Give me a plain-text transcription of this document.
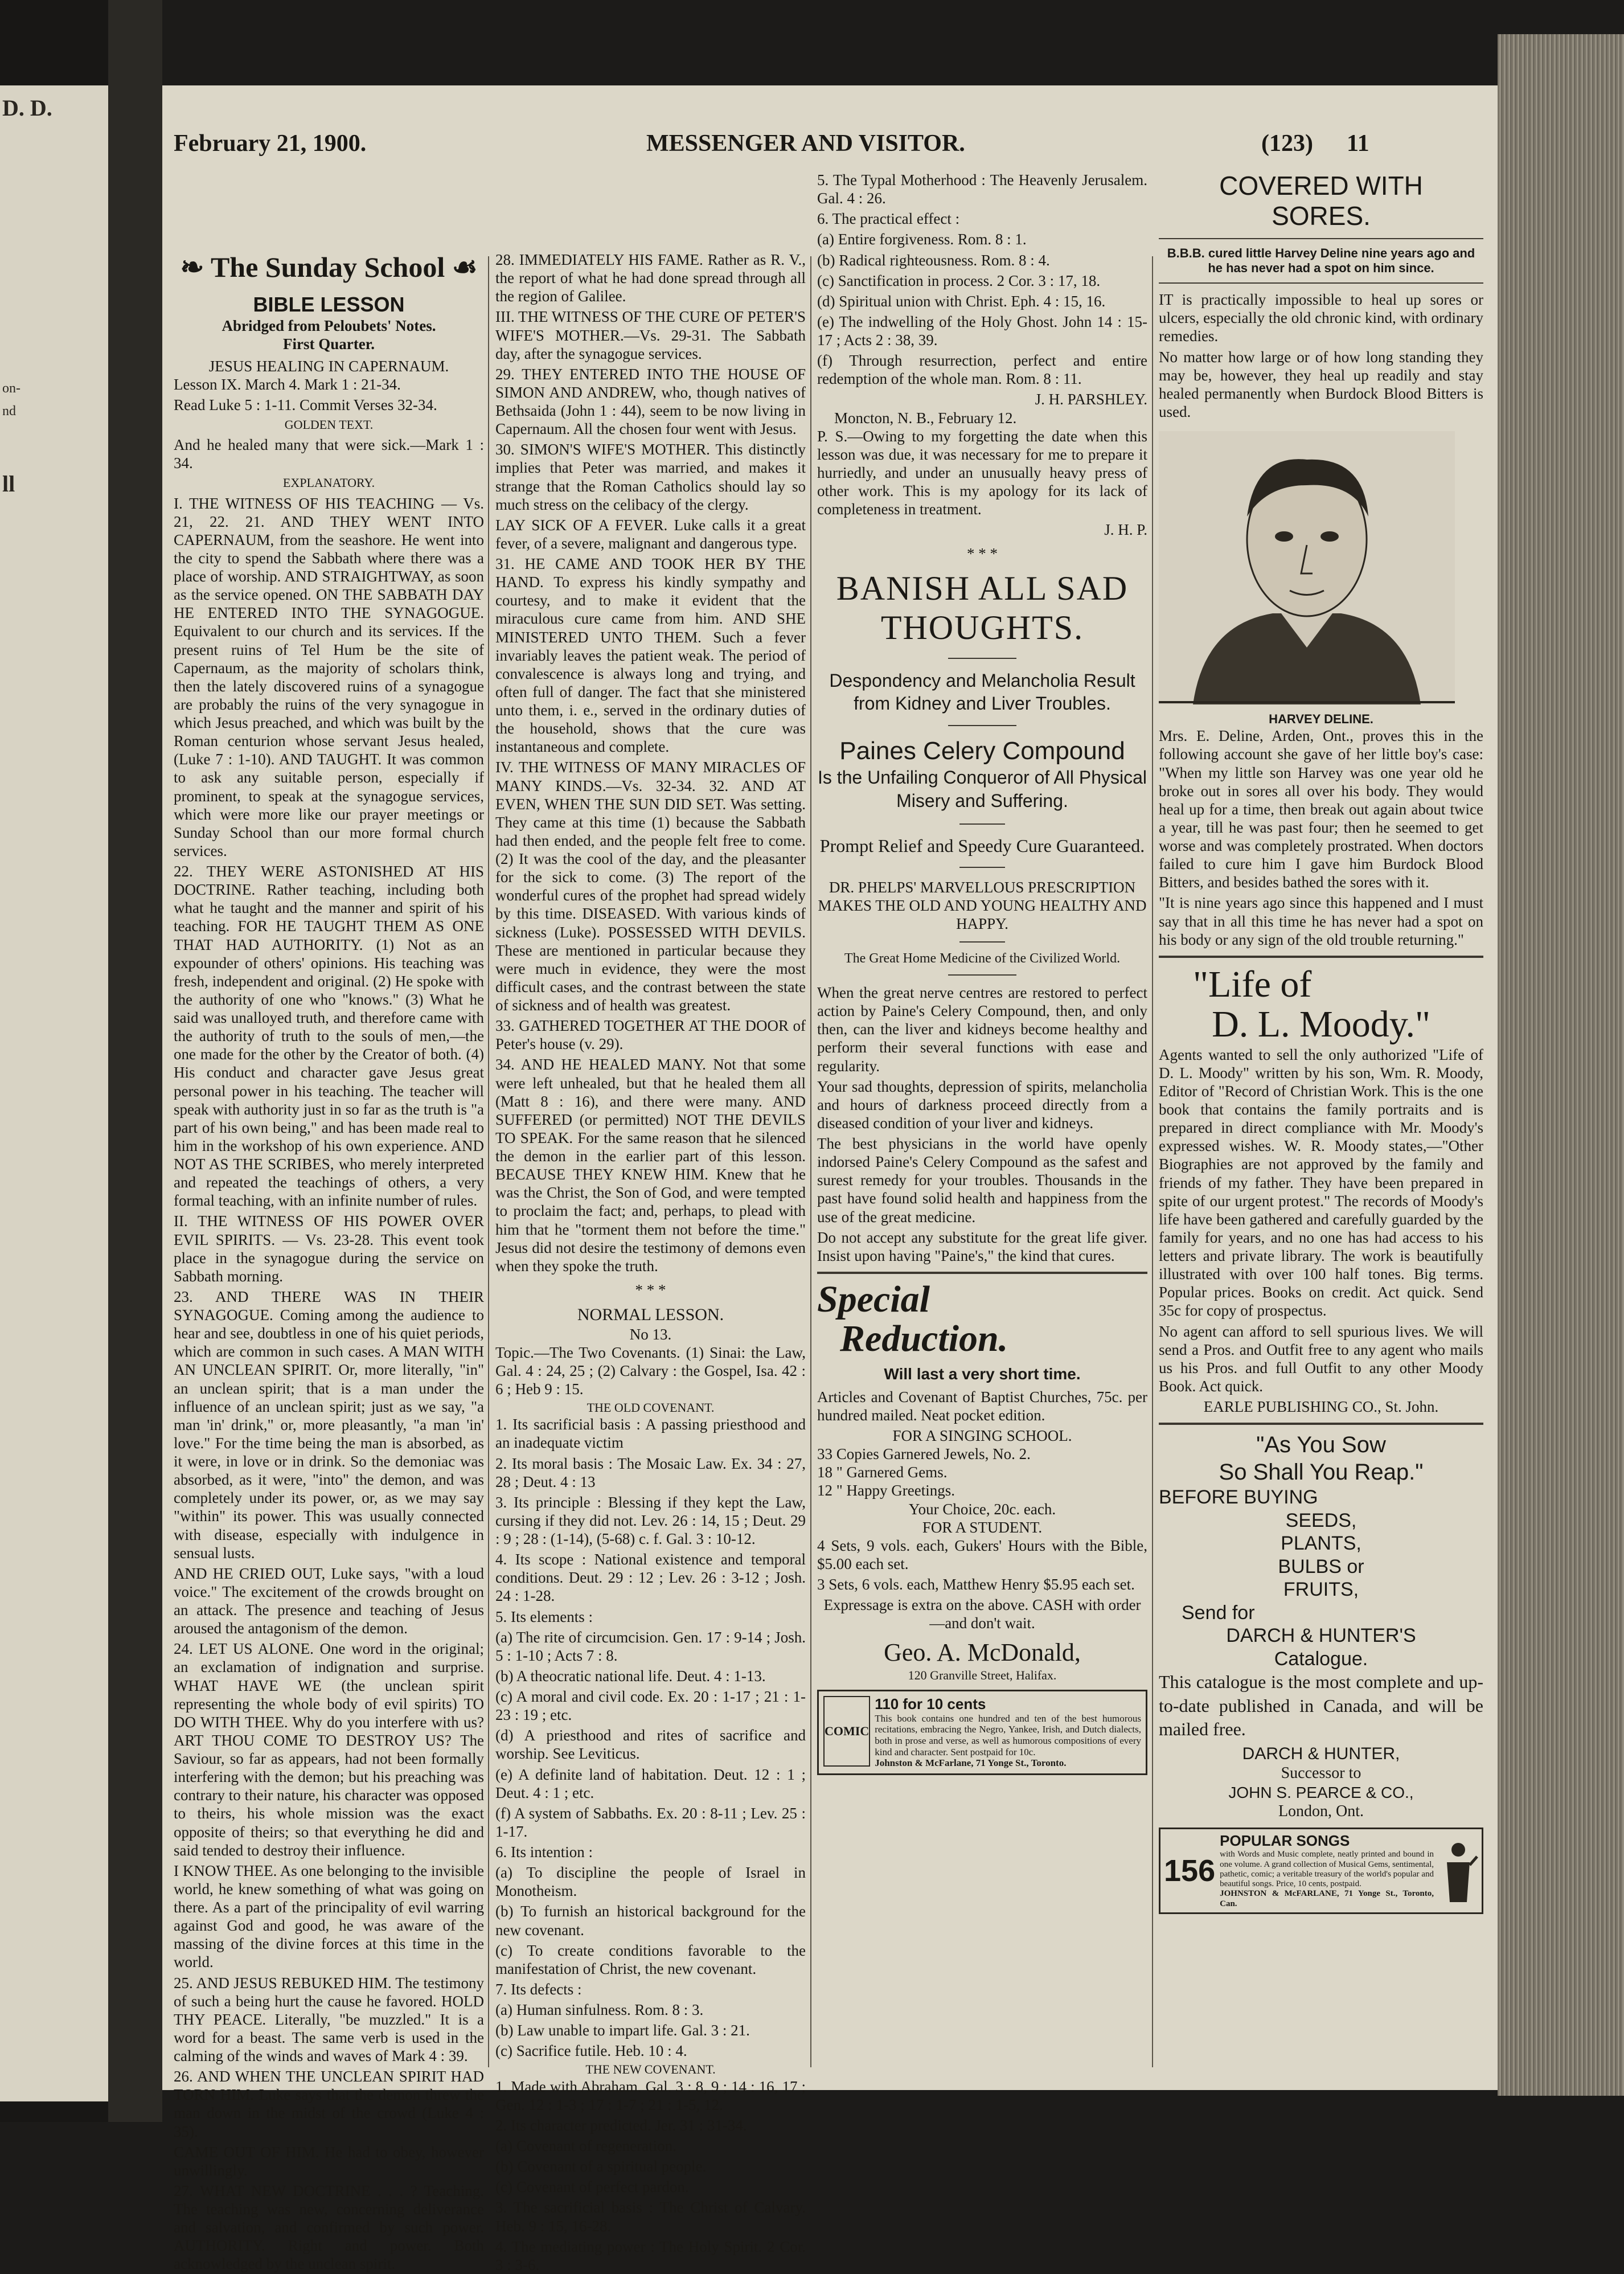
D. D.
on-
nd
ll
February 21, 1900.	MESSENGER AND VISITOR.	(123) 11
❧ The Sunday School ☙
BIBLE LESSON
Abridged from Peloubets' Notes.
First Quarter.
JESUS HEALING IN CAPERNAUM.

Lesson IX. March 4. Mark 1 : 21-34.

Read Luke 5 : 1-11. Commit Verses 32-34.

GOLDEN TEXT.

And he healed many that were sick.—Mark 1 : 34.

EXPLANATORY.

I. THE WITNESS OF HIS TEACHING — Vs. 21, 22. 21. AND THEY WENT INTO CAPERNAUM, from the seashore. He went into the city to spend the Sabbath where there was a place of worship. AND STRAIGHTWAY, as soon as the service opened. ON THE SABBATH DAY HE ENTERED INTO THE SYNAGOGUE. Equivalent to our church and its services. If the present ruins of Tel Hum be the site of Capernaum, as the majority of scholars think, then the lately discovered ruins of a synagogue are probably the ruins of the very synagogue in which Jesus preached, and which was built by the Roman centurion whose servant Jesus healed, (Luke 7 : 1-10). AND TAUGHT. It was common to ask any suitable person, especially if prominent, to speak at the synagogue services, which were more like our prayer meetings or Sunday School than our more formal church services.

22. THEY WERE ASTONISHED AT HIS DOCTRINE. Rather teaching, including both what he taught and the manner and spirit of his teaching. FOR HE TAUGHT THEM AS ONE THAT HAD AUTHORITY. (1) Not as an expounder of others' opinions. His teaching was fresh, independent and original. (2) He spoke with the authority of one who "knows." (3) What he said was unalloyed truth, and therefore came with the authority of truth to the souls of men,—the one made for the other by the Creator of both. (4) His conduct and character gave Jesus great personal power in his teaching. The teacher will speak with authority just in so far as the truth is "a part of his own being," and has been made real to him in the workshop of his own experience. AND NOT AS THE SCRIBES, who merely interpreted and repeated the teachings of others, a very formal teaching, with an infinite number of rules.

II. THE WITNESS OF HIS POWER OVER EVIL SPIRITS. — Vs. 23-28. This event took place in the synagogue during the service on Sabbath morning.

23. AND THERE WAS IN THEIR SYNAGOGUE. Coming among the audience to hear and see, doubtless in one of his quiet periods, which are common in such cases. A MAN WITH AN UNCLEAN SPIRIT. Or, more literally, "in" an unclean spirit; that is a man under the influence of an unclean spirit; just as we say, "a man 'in' drink," or, more pleasantly, "a man 'in' love." For the time being the man is absorbed, as it were, in love or in drink. So the demoniac was absorbed, as it were, "into" the demon, and was completely under its power, or, as we may say "within" its power. This was usually connected with disease, especially with indulgence in sensual lusts.

AND HE CRIED OUT, Luke says, "with a loud voice." The excitement of the crowds brought on an attack. The presence and teaching of Jesus aroused the antagonism of the demon.

24. LET US ALONE. One word in the original; an exclamation of indignation and surprise. WHAT HAVE WE (the unclean spirit representing the whole body of evil spirits) TO DO WITH THEE. Why do you interfere with us? ART THOU COME TO DESTROY US? The Saviour, so far as appears, had not been formally interfering with the demon; but his preaching was contrary to their nature, his character was opposed to theirs, his whole mission was the exact opposite of theirs; so that everything he did and said tended to destroy their influence.

I KNOW THEE. As one belonging to the invisible world, he knew something of what was going on there. As a part of the principality of evil warring against God and good, he was aware of the massing of the divine forces at this time in the world.

25. AND JESUS REBUKED HIM. The testimony of such a being hurt the cause he favored. HOLD THY PEACE. Literally, "be muzzled." It is a word for a beast. The same verb is used in the calming of the winds and waves of Mark 4 : 39.

26. AND WHEN THE UNCLEAN SPIRIT HAD TORN HIM. Luke says that the demon threw the man down in the midst of the crowd (Luke 4 : 35).

CAME OUT OF HIM. He had to obey, however unwillingly.

27. WHAT NEW DOCTRINE . . . ? Teaching. The teaching was new, concerning deliverance and salvation, and confirmed by such power. AUTHORITY. Right and power. Both acknowledged by the unclean spirit.

28. IMMEDIATELY HIS FAME. Rather as R. V., the report of what he had done spread through all the region of Galilee.

III. THE WITNESS OF THE CURE OF PETER'S WIFE'S MOTHER.—Vs. 29-31. The Sabbath day, after the synagogue services.

29. THEY ENTERED INTO THE HOUSE OF SIMON AND ANDREW, who, though natives of Bethsaida (John 1 : 44), seem to be now living in Capernaum. All the chosen four went with Jesus.

30. SIMON'S WIFE'S MOTHER. This distinctly implies that Peter was married, and makes it strange that the Roman Catholics should lay so much stress on the celibacy of the clergy.

LAY SICK OF A FEVER. Luke calls it a great fever, of a severe, malignant and dangerous type.

31. HE CAME AND TOOK HER BY THE HAND. To express his kindly sympathy and courtesy, and to make it evident that the miraculous cure came from him. AND SHE MINISTERED UNTO THEM. Such a fever invariably leaves the patient weak. The period of convalescence is always long and trying, and often full of danger. The fact that she ministered unto them, i. e., served in the ordinary duties of the household, shows that the cure was instantaneous and complete.

IV. THE WITNESS OF MANY MIRACLES OF MANY KINDS.—Vs. 32-34. 32. AND AT EVEN, WHEN THE SUN DID SET. Was setting. They came at this time (1) because the Sabbath had then ended, and the people felt free to come. (2) It was the cool of the day, and the pleasanter for the sick to come. (3) The report of the wonderful cures of the prophet had spread widely by this time. DISEASED. With various kinds of sickness (Luke). POSSESSED WITH DEVILS. These are mentioned in particular because they were much in evidence, they were the most difficult cases, and the contrast between the state of sickness and of health was greatest.

33. GATHERED TOGETHER AT THE DOOR of Peter's house (v. 29).

34. AND HE HEALED MANY. Not that some were left unhealed, but that he healed them all (Matt 8 : 16), and there were many. AND SUFFERED (or permitted) NOT THE DEVILS TO SPEAK. For the same reason that he silenced the demon in the earlier part of this lesson. BECAUSE THEY KNEW HIM. Knew that he was the Christ, the Son of God, and were tempted to proclaim the fact; and, perhaps, to plead with him that he "torment them not before the time." Jesus did not desire the testimony of demons even when they spoke the truth.

* * *
NORMAL LESSON.
No 13.

Topic.—The Two Covenants. (1) Sinai: the Law, Gal. 4 : 24, 25 ; (2) Calvary : the Gospel, Isa. 42 : 6 ; Heb 9 : 15.

THE OLD COVENANT.

1. Its sacrificial basis : A passing priesthood and an inadequate victim

2. Its moral basis : The Mosaic Law. Ex. 34 : 27, 28 ; Deut. 4 : 13

3. Its principle : Blessing if they kept the Law, cursing if they did not. Lev. 26 : 14, 15 ; Deut. 29 : 9 ; 28 : (1-14), (5-68) c. f. Gal. 3 : 10-12.

4. Its scope : National existence and temporal conditions. Deut. 29 : 12 ; Lev. 26 : 3-12 ; Josh. 24 : 1-28.

5. Its elements :

(a) The rite of circumcision. Gen. 17 : 9-14 ; Josh. 5 : 1-10 ; Acts 7 : 8.

(b) A theocratic national life. Deut. 4 : 1-13.

(c) A moral and civil code. Ex. 20 : 1-17 ; 21 : 1-23 : 19 ; etc.

(d) A priesthood and rites of sacrifice and worship. See Leviticus.

(e) A definite land of habitation. Deut. 12 : 1 ; Deut. 4 : 1 ; etc.

(f) A system of Sabbaths. Ex. 20 : 8-11 ; Lev. 25 : 1-17.

6. Its intention :

(a) To discipline the people of Israel in Monotheism.

(b) To furnish an historical background for the new covenant.

(c) To create conditions favorable to the manifestation of Christ, the new covenant.

7. Its defects :

(a) Human sinfulness. Rom. 8 : 3.

(b) Law unable to impart life. Gal. 3 : 21.

(c) Sacrifice futile. Heb. 10 : 4.

THE NEW COVENANT.

1. Made with Abraham. Gal. 3 : 8, 9 ; 14 : 16, 17 ; Gen. 12 : 1-3 ; 17 : 1-7 ; 21 : 1-5, 12.

2. Its character predicted. Jer. 31 : 31-34.

(a) Covenant of regeneration.

(b) Covenant of a spiritual people.

(c) Covenant of perfect pardon.

3. The sacrificial basis : The Christ of Calvary. Heb. 9 : 15, 16-28.

4. The mediating power : The Holy Spirit. 2 Cor. 3 : 3-6.

5. The Typal Motherhood : The Heavenly Jerusalem. Gal. 4 : 26.

6. The practical effect :

(a) Entire forgiveness. Rom. 8 : 1.

(b) Radical righteousness. Rom. 8 : 4.

(c) Sanctification in process. 2 Cor. 3 : 17, 18.

(d) Spiritual union with Christ. Eph. 4 : 15, 16.

(e) The indwelling of the Holy Ghost. John 14 : 15-17 ; Acts 2 : 38, 39.

(f) Through resurrection, perfect and entire redemption of the whole man. Rom. 8 : 11.

J. H. PARSHLEY.
Moncton, N. B., February 12.

P. S.—Owing to my forgetting the date when this lesson was due, it was necessary for me to prepare it hurriedly, and under an unusually heavy press of other work. This is my apology for its lack of completeness in treatment.

J. H. P.
* * *
BANISH ALL SAD THOUGHTS.
Despondency and Melancholia Result from Kidney and Liver Troubles.
Paines Celery Compound
Is the Unfailing Conqueror of All Physical Misery and Suffering.
Prompt Relief and Speedy Cure Guaranteed.
DR. PHELPS' MARVELLOUS PRESCRIPTION MAKES THE OLD AND YOUNG HEALTHY AND HAPPY.
The Great Home Medicine of the Civilized World.

When the great nerve centres are restored to perfect action by Paine's Celery Compound, then, and only then, can the liver and kidneys become healthy and perform their several functions with ease and regularity.

Your sad thoughts, depression of spirits, melancholia and hours of darkness proceed directly from a diseased condition of your liver and kidneys.

The best physicians in the world have openly indorsed Paine's Celery Compound as the safest and surest remedy for your troubles. Thousands in the past have found solid health and happiness from the use of the great medicine.

Do not accept any substitute for the great life giver. Insist upon having "Paine's," the kind that cures.

Special
Reduction.
Will last a very short time.

Articles and Covenant of Baptist Churches, 75c. per hundred mailed. Neat pocket edition.

FOR A SINGING SCHOOL.
33 Copies Garnered Jewels, No. 2.
18 " Garnered Gems.
12 " Happy Greetings.
Your Choice, 20c. each.
FOR A STUDENT.

4 Sets, 9 vols. each, Gukers' Hours with the Bible, $5.00 each set.

3 Sets, 6 vols. each, Matthew Henry $5.95 each set.

Expressage is extra on the above. CASH with order—and don't wait.
Geo. A. McDonald,
120 Granville Street, Halifax.
COMIC
110 for 10 cents
This book contains one hundred and ten of the best humorous recitations, embracing the Negro, Yankee, Irish, and Dutch dialects, both in prose and verse, as well as humorous compositions of every kind and character. Sent postpaid for 10c.
Johnston & McFarlane, 71 Yonge St., Toronto.
COVERED WITH
SORES.
B.B.B. cured little Harvey Deline nine years ago and he has never had a spot on him since.

IT is practically impossible to heal up sores or ulcers, especially the old chronic kind, with ordinary remedies.

No matter how large or of how long standing they may be, however, they heal up readily and stay healed permanently when Burdock Blood Bitters is used.

HARVEY DELINE.

Mrs. E. Deline, Arden, Ont., proves this in the following account she gave of her little boy's case: "When my little son Harvey was one year old he broke out in sores all over his body. They would heal up for a time, then break out again about twice a year, till he was past four; then he seemed to get worse and was completely prostrated. When doctors failed to cure him I gave him Burdock Blood Bitters, and besides bathed the sores with it.

"It is nine years ago since this happened and I must say that in all this time he has never had a spot on his body or any sign of the old trouble returning."

"Life of
D. L. Moody."

Agents wanted to sell the only authorized "Life of D. L. Moody" written by his son, Wm. R. Moody, Editor of "Record of Christian Work. This is the one book that contains the family portraits and is prepared in direct compliance with Mr. Moody's expressed wishes. W. R. Moody states,—"Other Biographies are not approved by the family and friends of my father. They have been prepared in spite of our urgent protest." The records of Moody's life have been gathered and carefully guarded by the family for years, and no one has had access to his letters and private library. The work is beautifully illustrated with over 100 half tones. Big terms. Popular prices. Books on credit. Act quick. Send 35c for copy of prospectus.

No agent can afford to sell spurious lives. We will send a Pros. and Outfit free to any agent who mails us his Pros. and full Outfit to any other Moody Book. Act quick.

EARLE PUBLISHING CO., St. John.
"As You Sow
So Shall You Reap."
BEFORE BUYING
SEEDS,
PLANTS,
BULBS or
FRUITS,
Send for
DARCH & HUNTER'S
Catalogue.

This catalogue is the most complete and up-to-date published in Canada, and will be mailed free.

DARCH & HUNTER,
Successor to
JOHN S. PEARCE & CO.,
London, Ont.
156
POPULAR SONGS
with Words and Music complete, neatly printed and bound in one volume. A grand collection of Musical Gems, sentimental, pathetic, comic; a veritable treasury of the world's popular and beautiful songs. Price, 10 cents, postpaid.
JOHNSTON & McFARLANE, 71 Yonge St., Toronto, Can.
